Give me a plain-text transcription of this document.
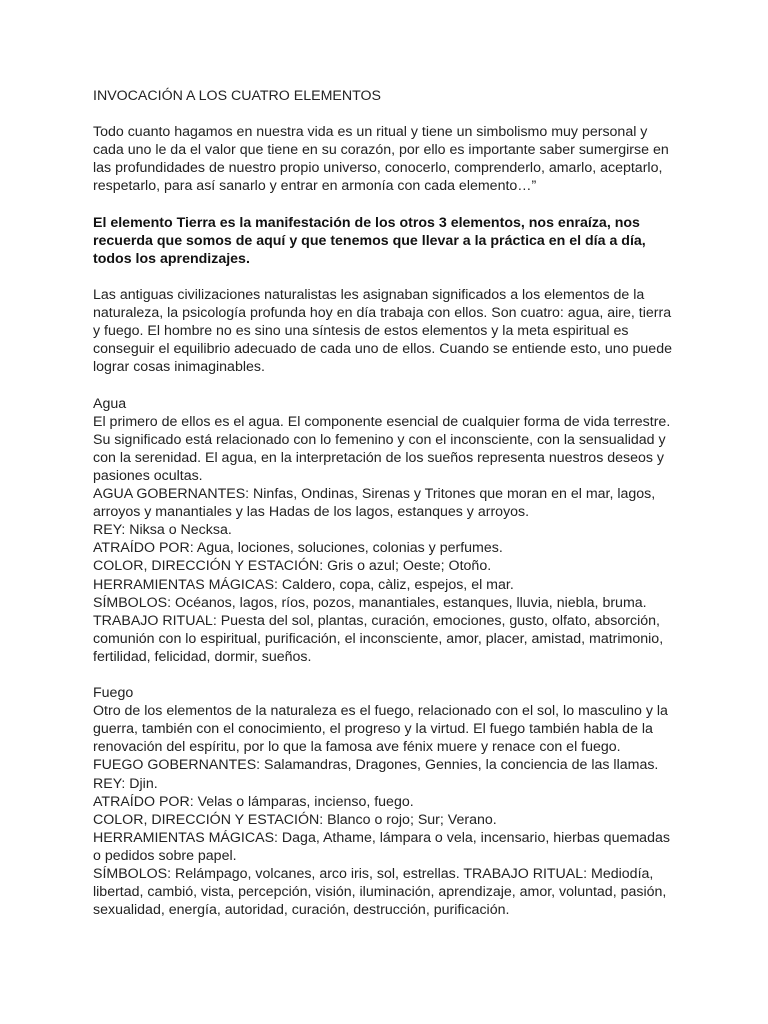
INVOCACIÓN A LOS CUATRO ELEMENTOS

Todo cuanto hagamos en nuestra vida es un ritual y tiene un simbolismo muy personal y
cada uno le da el valor que tiene en su corazón, por ello es importante saber sumergirse en
las profundidades de nuestro propio universo, conocerlo, comprenderlo, amarlo, aceptarlo,
respetarlo, para así sanarlo y entrar en armonía con cada elemento…”

El elemento Tierra es la manifestación de los otros 3 elementos, nos enraíza, nos
recuerda que somos de aquí y que tenemos que llevar a la práctica en el día a día,
todos los aprendizajes.

Las antiguas civilizaciones naturalistas les asignaban significados a los elementos de la
naturaleza, la psicología profunda hoy en día trabaja con ellos. Son cuatro: agua, aire, tierra
y fuego. El hombre no es sino una síntesis de estos elementos y la meta espiritual es
conseguir el equilibrio adecuado de cada uno de ellos. Cuando se entiende esto, uno puede
lograr cosas inimaginables.

Agua
El primero de ellos es el agua. El componente esencial de cualquier forma de vida terrestre.
Su significado está relacionado con lo femenino y con el inconsciente, con la sensualidad y
con la serenidad. El agua, en la interpretación de los sueños representa nuestros deseos y
pasiones ocultas.
AGUA GOBERNANTES: Ninfas, Ondinas, Sirenas y Tritones que moran en el mar, lagos,
arroyos y manantiales y las Hadas de los lagos, estanques y arroyos.
REY: Niksa o Necksa.
ATRAÍDO POR: Agua, lociones, soluciones, colonias y perfumes.
COLOR, DIRECCIÓN Y ESTACIÓN: Gris o azul; Oeste; Otoño.
HERRAMIENTAS MÁGICAS: Caldero, copa, càliz, espejos, el mar.
SÍMBOLOS: Océanos, lagos, ríos, pozos, manantiales, estanques, lluvia, niebla, bruma.
TRABAJO RITUAL: Puesta del sol, plantas, curación, emociones, gusto, olfato, absorción,
comunión con lo espiritual, purificación, el inconsciente, amor, placer, amistad, matrimonio,
fertilidad, felicidad, dormir, sueños.

Fuego
Otro de los elementos de la naturaleza es el fuego, relacionado con el sol, lo masculino y la
guerra, también con el conocimiento, el progreso y la virtud. El fuego también habla de la
renovación del espíritu, por lo que la famosa ave fénix muere y renace con el fuego.
FUEGO GOBERNANTES: Salamandras, Dragones, Gennies, la conciencia de las llamas.
REY: Djin.
ATRAÍDO POR: Velas o lámparas, incienso, fuego.
COLOR, DIRECCIÓN Y ESTACIÓN: Blanco o rojo; Sur; Verano.
HERRAMIENTAS MÁGICAS: Daga, Athame, lámpara o vela, incensario, hierbas quemadas
o pedidos sobre papel.
SÍMBOLOS: Relámpago, volcanes, arco iris, sol, estrellas. TRABAJO RITUAL: Mediodía,
libertad, cambió, vista, percepción, visión, iluminación, aprendizaje, amor, voluntad, pasión,
sexualidad, energía, autoridad, curación, destrucción, purificación.
